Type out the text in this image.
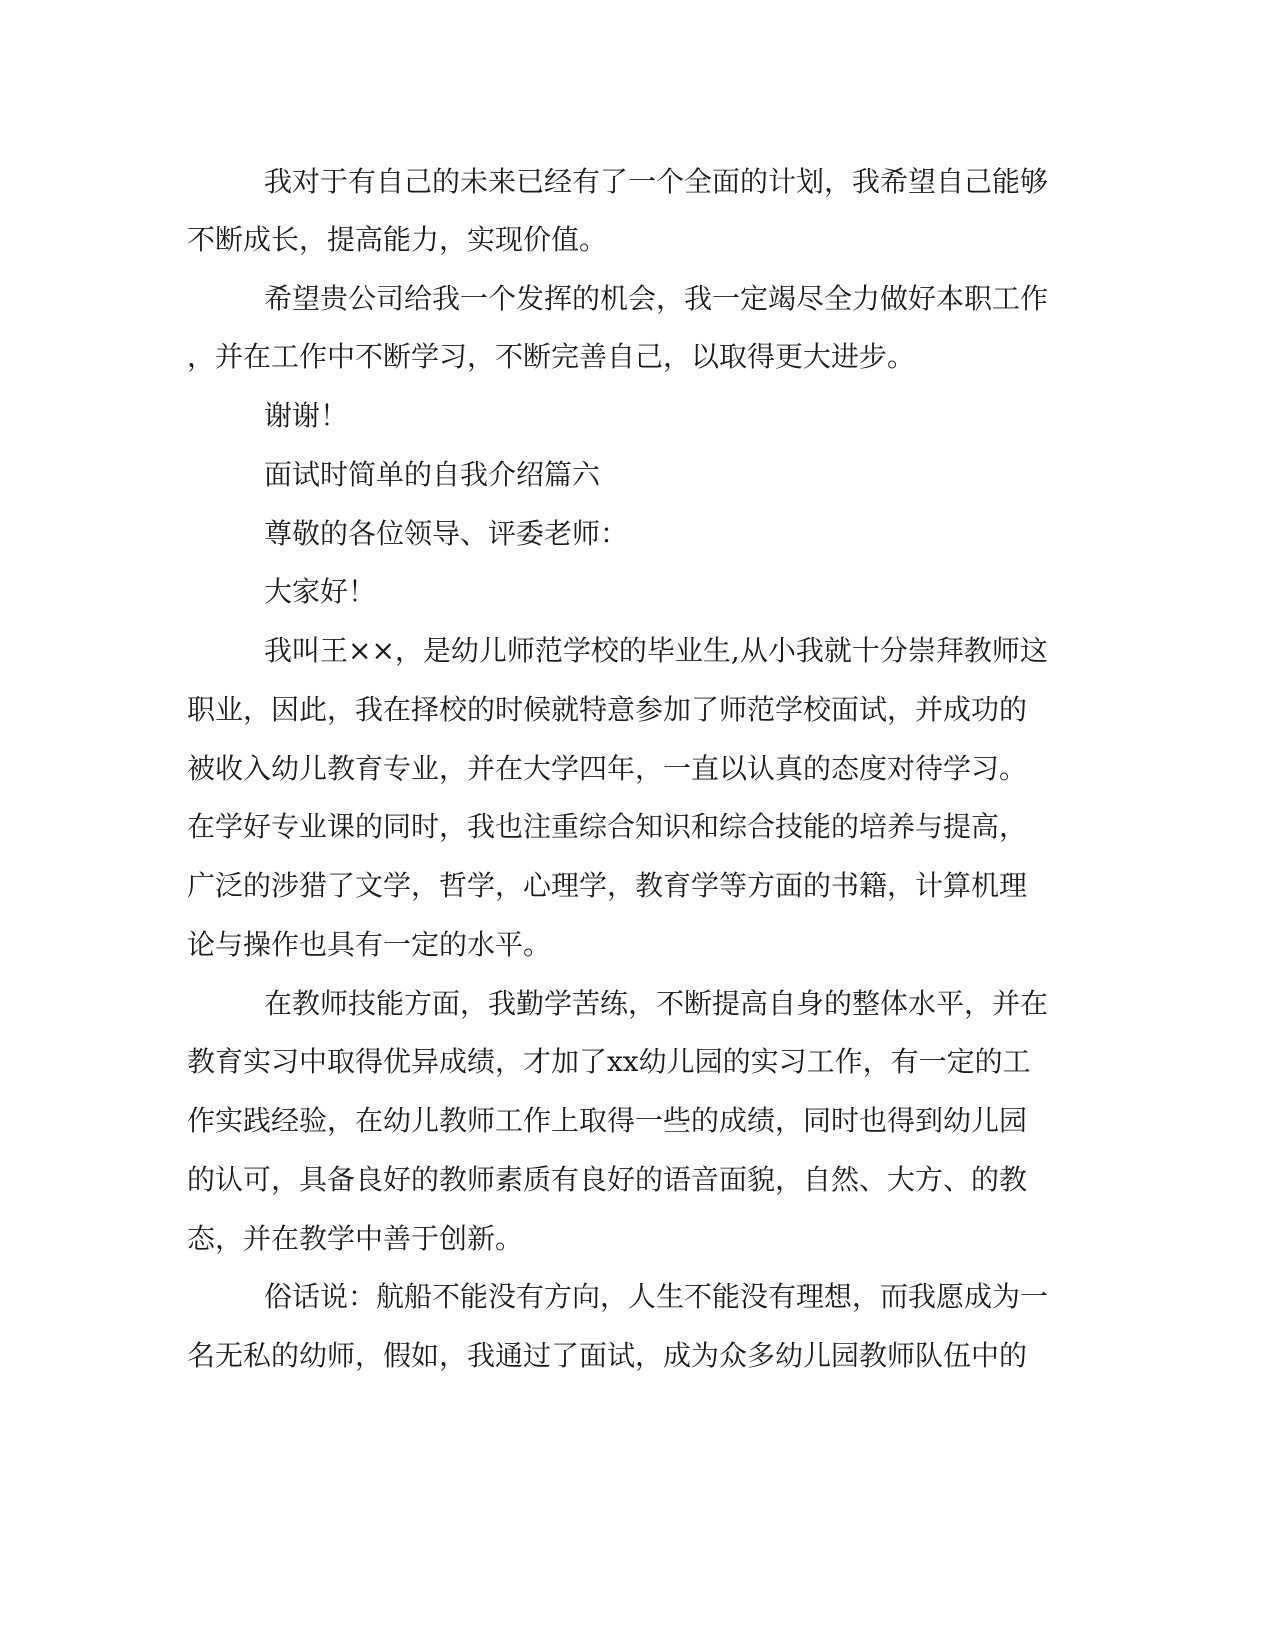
我对于有自己的未来已经有了一个全面的计划，我希望自己能够

不断成长，提高能力，实现价值。

希望贵公司给我一个发挥的机会，我一定竭尽全力做好本职工作

，并在工作中不断学习，不断完善自己，以取得更大进步。

谢谢！

面试时简单的自我介绍篇六

尊敬的各位领导、评委老师：

大家好！

我叫王××，是幼儿师范学校的毕业生,从小我就十分崇拜教师这

职业，因此，我在择校的时候就特意参加了师范学校面试，并成功的

被收入幼儿教育专业，并在大学四年，一直以认真的态度对待学习。

在学好专业课的同时，我也注重综合知识和综合技能的培养与提高，

广泛的涉猎了文学，哲学，心理学，教育学等方面的书籍，计算机理

论与操作也具有一定的水平。

在教师技能方面，我勤学苦练，不断提高自身的整体水平，并在

教育实习中取得优异成绩，才加了xx幼儿园的实习工作，有一定的工

作实践经验，在幼儿教师工作上取得一些的成绩，同时也得到幼儿园

的认可，具备良好的教师素质有良好的语音面貌，自然、大方、的教

态，并在教学中善于创新。

俗话说：航船不能没有方向，人生不能没有理想，而我愿成为一

名无私的幼师，假如，我通过了面试，成为众多幼儿园教师队伍中的
